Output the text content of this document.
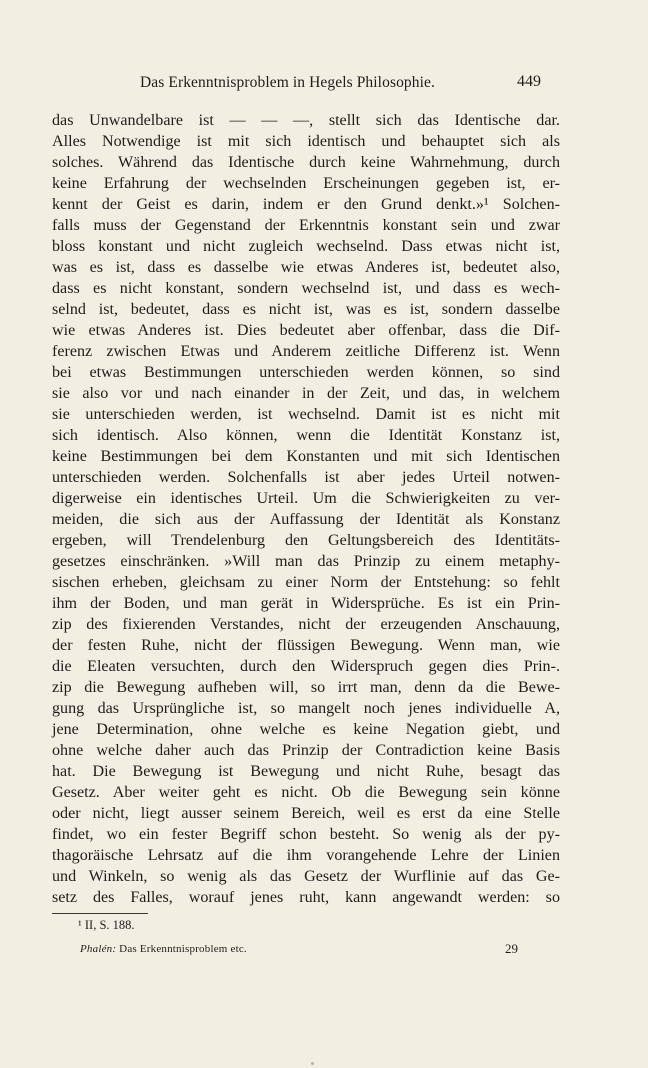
Das Erkenntnisproblem in Hegels Philosophie.	449
das Unwandelbare ist — — —, stellt sich das Identische dar.
Alles Notwendige ist mit sich identisch und behauptet sich als
solches. Während das Identische durch keine Wahrnehmung, durch
keine Erfahrung der wechselnden Erscheinungen gegeben ist, er-
kennt der Geist es darin, indem er den Grund denkt.»¹ Solchen-
falls muss der Gegenstand der Erkenntnis konstant sein und zwar
bloss konstant und nicht zugleich wechselnd. Dass etwas nicht ist,
was es ist, dass es dasselbe wie etwas Anderes ist, bedeutet also,
dass es nicht konstant, sondern wechselnd ist, und dass es wech-
selnd ist, bedeutet, dass es nicht ist, was es ist, sondern dasselbe
wie etwas Anderes ist. Dies bedeutet aber offenbar, dass die Dif-
ferenz zwischen Etwas und Anderem zeitliche Differenz ist. Wenn
bei etwas Bestimmungen unterschieden werden können, so sind
sie also vor und nach einander in der Zeit, und das, in welchem
sie unterschieden werden, ist wechselnd. Damit ist es nicht mit
sich identisch. Also können, wenn die Identität Konstanz ist,
keine Bestimmungen bei dem Konstanten und mit sich Identischen
unterschieden werden. Solchenfalls ist aber jedes Urteil notwen-
digerweise ein identisches Urteil. Um die Schwierigkeiten zu ver-
meiden, die sich aus der Auffassung der Identität als Konstanz
ergeben, will Trendelenburg den Geltungsbereich des Identitäts-
gesetzes einschränken. »Will man das Prinzip zu einem metaphy-
sischen erheben, gleichsam zu einer Norm der Entstehung: so fehlt
ihm der Boden, und man gerät in Widersprüche. Es ist ein Prin-
zip des fixierenden Verstandes, nicht der erzeugenden Anschauung,
der festen Ruhe, nicht der flüssigen Bewegung. Wenn man, wie
die Eleaten versuchten, durch den Widerspruch gegen dies Prin-.
zip die Bewegung aufheben will, so irrt man, denn da die Bewe-
gung das Ursprüngliche ist, so mangelt noch jenes individuelle A,
jene Determination, ohne welche es keine Negation giebt, und
ohne welche daher auch das Prinzip der Contradiction keine Basis
hat. Die Bewegung ist Bewegung und nicht Ruhe, besagt das
Gesetz. Aber weiter geht es nicht. Ob die Bewegung sein könne
oder nicht, liegt ausser seinem Bereich, weil es erst da eine Stelle
findet, wo ein fester Begriff schon besteht. So wenig als der py-
thagoräische Lehrsatz auf die ihm vorangehende Lehre der Linien
und Winkeln, so wenig als das Gesetz der Wurflinie auf das Ge-
setz des Falles, worauf jenes ruht, kann angewandt werden: so
¹ II, S. 188.
Phalén: Das Erkenntnisproblem etc.	29
